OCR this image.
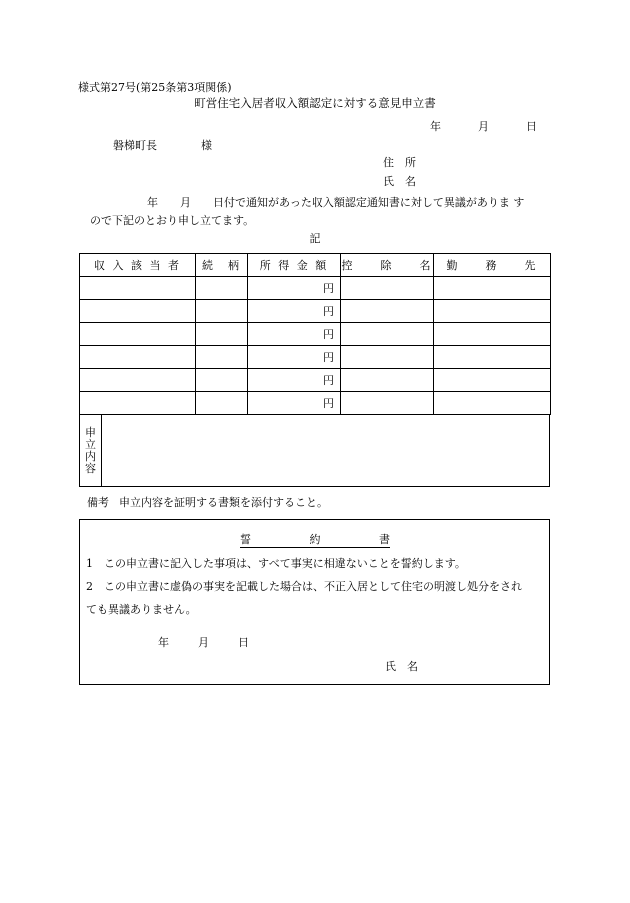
様式第27号(第25条第3項関係)
町営住宅入居者収入額認定に対する意見申立書
年	月	日
磐梯町長	様
住　所
氏　名
年　　月　　日付で通知があった収入額認定通知書に対して異議がありま す
ので下記のとおり申し立てます。
記
収 入 該 当 者	続　柄	所 得 金 額	控　　除　　名	勤　　務　　先
		円		
		円		
		円		
		円		
		円		
		円		
申立内容
備考 申立内容を証明する書類を添付すること。
誓約書
1　この申立書に記入した事項は、すべて事実に相違ないことを誓約します。
2　この申立書に虚偽の事実を記載した場合は、不正入居として住宅の明渡し処分をされ
ても異議ありません。
年	月	日
氏　名
